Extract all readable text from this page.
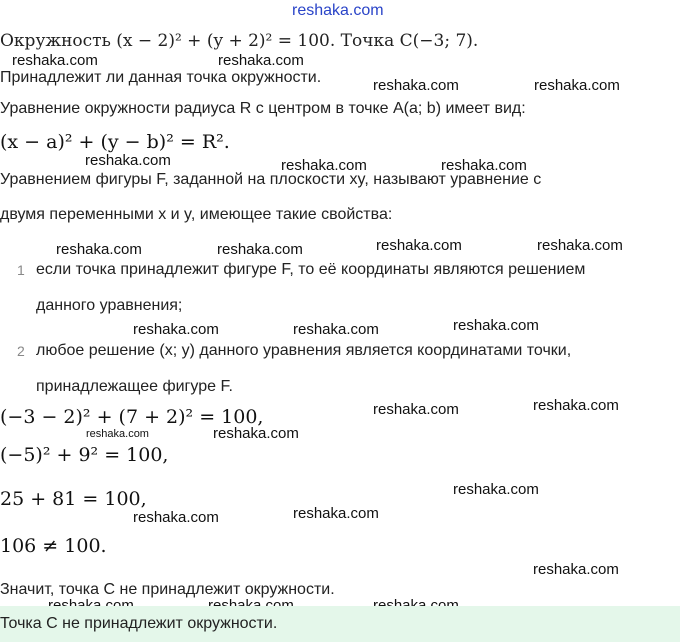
reshaka.com
Окружность (x − 2)² + (y + 2)² = 100. Точка C(−3; 7).
reshaka.com	reshaka.com
Принадлежит ли данная точка окружности.	reshaka.com	reshaka.com
Уравнение окружности радиуса R с центром в точке A(a; b) имеет вид:
(x − a)² + (y − b)² = R².
reshaka.com	reshaka.com	reshaka.com
Уравнением фигуры F, заданной на плоскости xy, называют уравнение с
двумя переменными x и y, имеющее такие свойства:
reshaka.com	reshaka.com	reshaka.com	reshaka.com
1 если точка принадлежит фигуре F, то её координаты являются решением
данного уравнения;
reshaka.com	reshaka.com	reshaka.com
2 любое решение (x; y) данного уравнения является координатами точки,
принадлежащее фигуре F.
(−3 − 2)² + (7 + 2)² = 100,	reshaka.com	reshaka.com
reshaka.com	reshaka.com
(−5)² + 9² = 100,
reshaka.com
25 + 81 = 100,
reshaka.com	reshaka.com
106 ≠ 100.
reshaka.com
Значит, точка C не принадлежит окружности.
Точка C не принадлежит окружности.
